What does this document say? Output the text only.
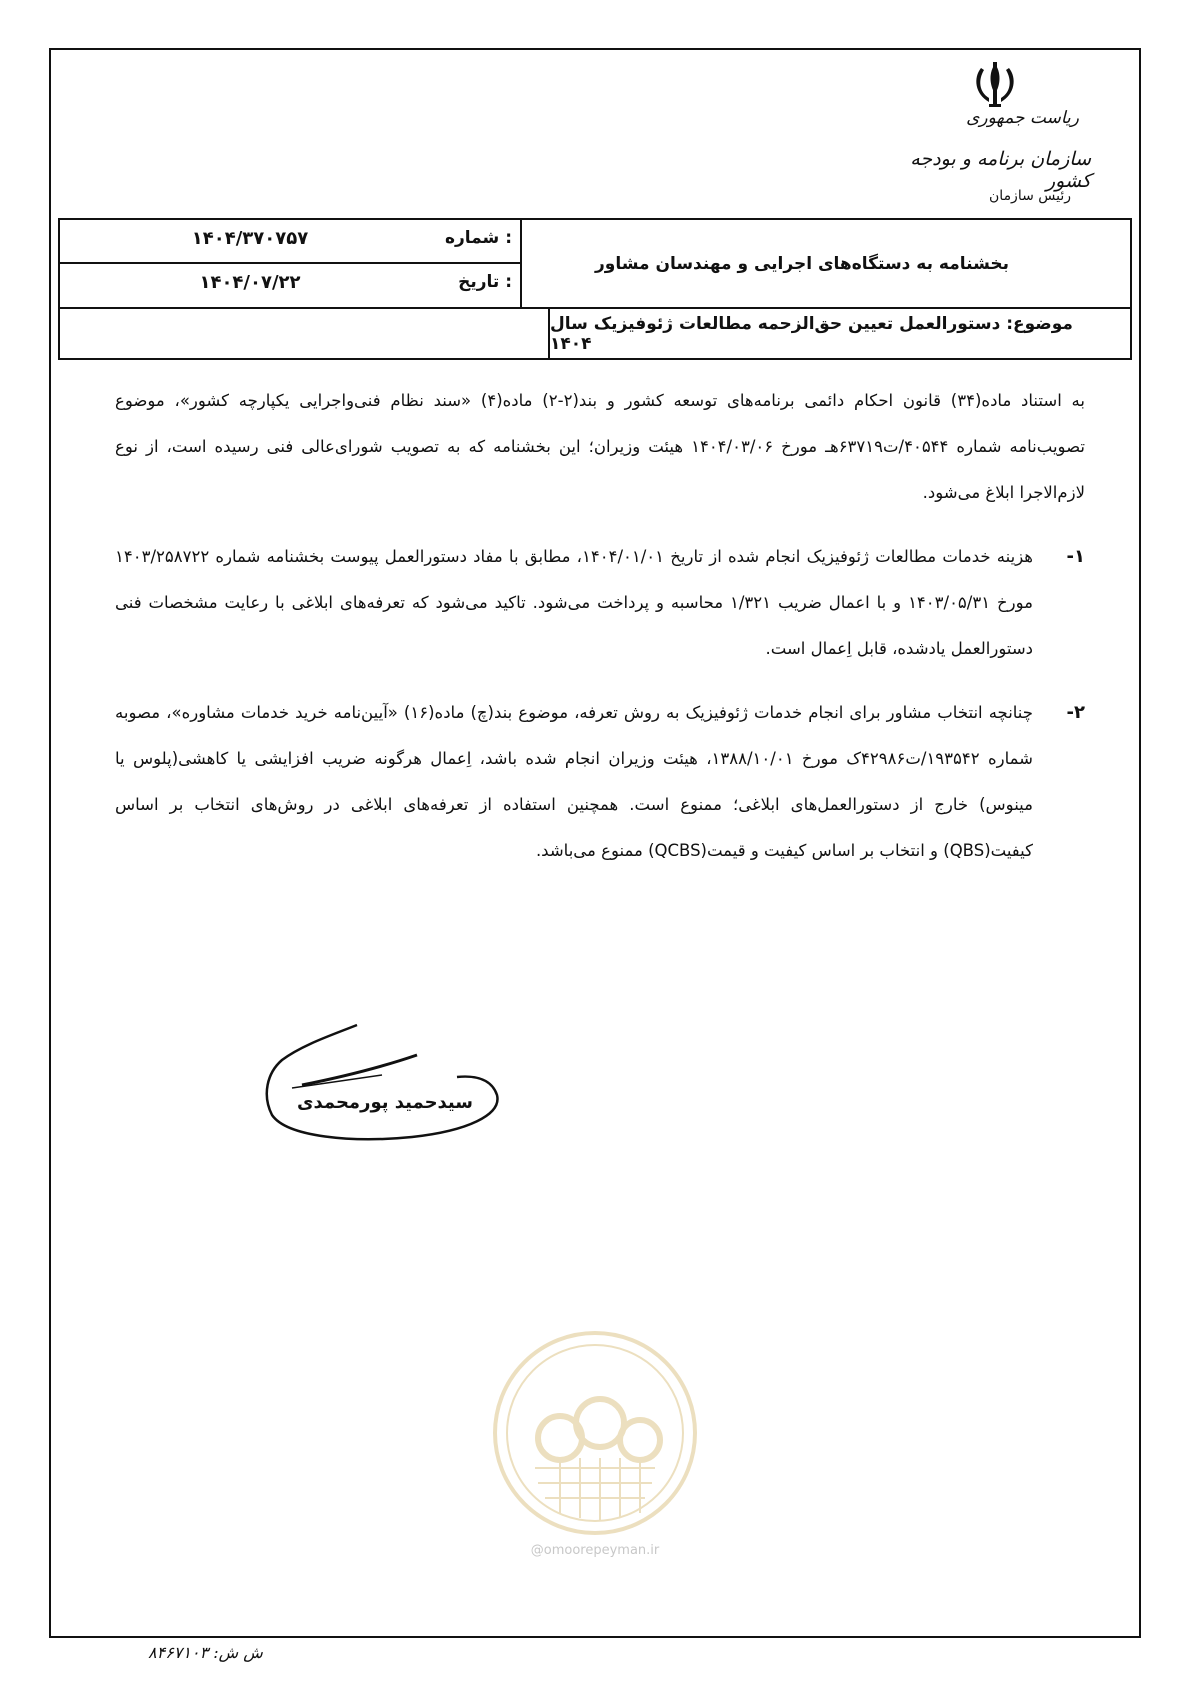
ریاست جمهوری
سازمان برنامه و بودجه کشور
رئیس سازمان
۱۴۰۴/۳۷۰۷۵۷	شماره :
۱۴۰۴/۰۷/۲۲	تاریخ :
بخشنامه به دستگاه‌های اجرایی و مهندسان مشاور
موضوع: دستورالعمل تعیین حق‌الزحمه مطالعات ژئوفیزیک سال ۱۴۰۴

به استناد ماده(۳۴) قانون احکام دائمی برنامه‌های توسعه کشور و بند(۲-۲) ماده(۴) «سند نظام فنی‌واجرایی یکپارچه کشور»، موضوع تصویب‌نامه شماره ۴۰۵۴۴/ت۶۳۷۱۹هـ مورخ ۱۴۰۴/۰۳/۰۶ هیئت وزیران؛ این بخشنامه که به تصویب شورای‌عالی فنی رسیده است، از نوع لازم‌الاجرا ابلاغ می‌شود.

۱-

هزینه خدمات مطالعات ژئوفیزیک انجام شده از تاریخ ۱۴۰۴/۰۱/۰۱، مطابق با مفاد دستورالعمل پیوست بخشنامه شماره ۱۴۰۳/۲۵۸۷۲۲ مورخ ۱۴۰۳/۰۵/۳۱ و با اعمال ضریب ۱/۳۲۱ محاسبه و پرداخت می‌شود. تاکید می‌شود که تعرفه‌های ابلاغی با رعایت مشخصات فنی دستورالعمل یادشده، قابل اِعمال است.

۲-

چنانچه انتخاب مشاور برای انجام خدمات ژئوفیزیک به روش تعرفه، موضوع بند(چ) ماده(۱۶) «آیین‌نامه خرید خدمات مشاوره»، مصوبه شماره ۱۹۳۵۴۲/ت۴۲۹۸۶ک مورخ ۱۳۸۸/۱۰/۰۱، هیئت وزیران انجام شده باشد، اِعمال هرگونه ضریب افزایشی یا کاهشی(پلوس یا مینوس) خارج از دستورالعمل‌های ابلاغی؛ ممنوع است. همچنین استفاده از تعرفه‌های ابلاغی در روش‌های انتخاب بر اساس کیفیت(QBS) و انتخاب بر اساس کیفیت و قیمت(QCBS) ممنوع می‌باشد.

سیدحمید پورمحمدی
@omoorepeyman.ir
ش ش: ۸۴۶۷۱۰۳
